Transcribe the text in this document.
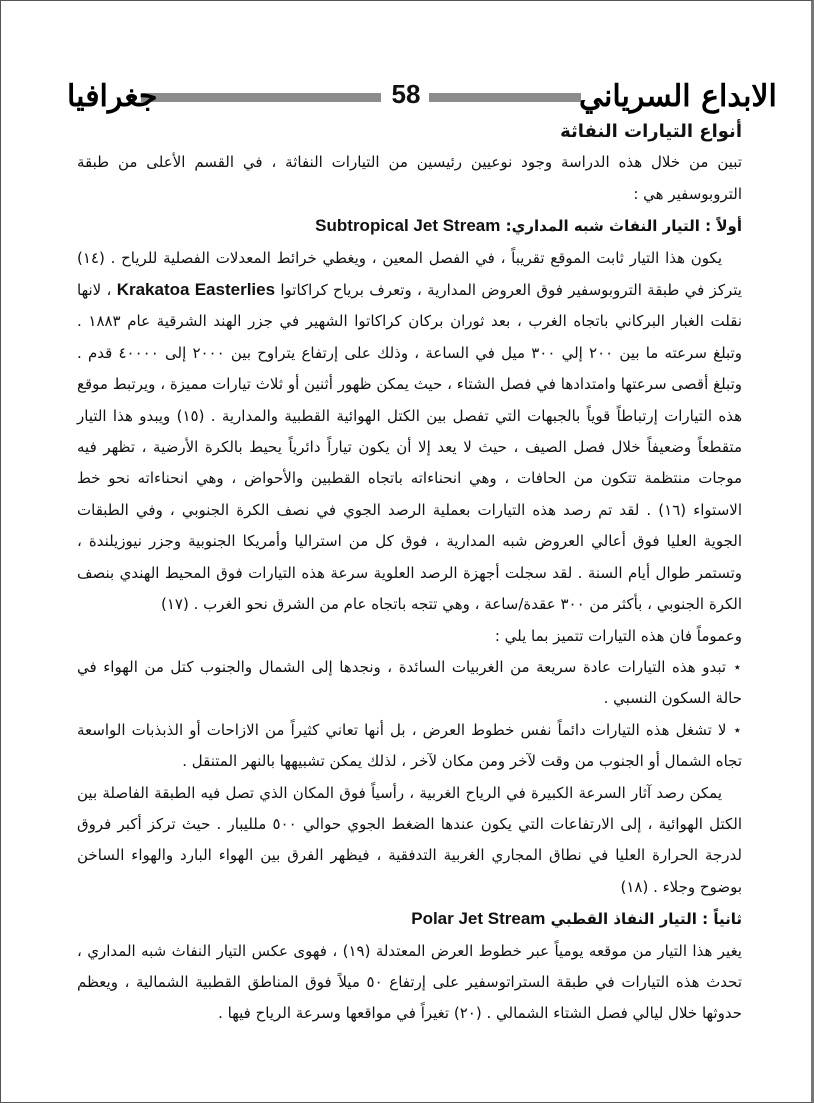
جغرافيا	58	الابداع السرياني

أنواع التيارات النفاثة

تبين من خلال هذه الدراسة وجود نوعيين رئيسين من التيارات النفاثة ، في القسم الأعلى من طبقة التروبوسفير هي :

أولاً : التيار النفاث شبه المداري: Subtropical Jet Stream

يكون هذا التيار ثابت الموقع تقريباً ، في الفصل المعين ، ويغطي خرائط المعدلات الفصلية للرياح . (١٤) يتركز في طبقة التروبوسفير فوق العروض المدارية ، وتعرف برياح كراكاتوا Krakatoa Easterlies ، لانها نقلت الغبار البركاني باتجاه الغرب ، بعد ثوران بركان كراكاتوا الشهير في جزر الهند الشرقية عام ١٨٨٣ . وتبلغ سرعته ما بين ٢٠٠ إلي ٣٠٠ ميل في الساعة ، وذلك على إرتفاع يتراوح بين ٢٠٠٠ إلى ٤٠٠٠٠ قدم . وتبلغ أقصى سرعتها وامتدادها في فصل الشتاء ، حيث يمكن ظهور أثنين أو ثلاث تيارات مميزة ، ويرتبط موقع هذه التيارات إرتباطاً قوياً بالجبهات التي تفصل بين الكتل الهوائية القطبية والمدارية . (١٥) ويبدو هذا التيار متقطعاً وضعيفاً خلال فصل الصيف ، حيث لا يعد إلا أن يكون تياراً دائرياً يحيط بالكرة الأرضية ، تظهر فيه موجات منتظمة تتكون من الحافات ، وهي انحناءاته باتجاه القطبين والأحواض ، وهي انحناءاته نحو خط الاستواء (١٦) . لقد تم رصد هذه التيارات بعملية الرصد الجوي في نصف الكرة الجنوبي ، وفي الطبقات الجوية العليا فوق أعالي العروض شبه المدارية ، فوق كل من استراليا وأمريكا الجنوبية وجزر نيوزيلندة ، وتستمر طوال أيام السنة . لقد سجلت أجهزة الرصد العلوية سرعة هذه التيارات فوق المحيط الهندي بنصف الكرة الجنوبي ، بأكثر من ٣٠٠ عقدة/ساعة ، وهي تتجه باتجاه عام من الشرق نحو الغرب . (١٧)

وعموماً فان هذه التيارات تتميز بما يلي :

⋆ تبدو هذه التيارات عادة سريعة من الغربيات السائدة ، ونجدها إلى الشمال والجنوب كتل من الهواء في حالة السكون النسبي .

⋆ لا تشغل هذه التيارات دائماً نفس خطوط العرض ، بل أنها تعاني كثيراً من الازاحات أو الذبذبات الواسعة تجاه الشمال أو الجنوب من وقت لآخر ومن مكان لآخر ، لذلك يمكن تشبيهها بالنهر المتنقل .

يمكن رصد آثار السرعة الكبيرة في الرياح الغربية ، رأسياً فوق المكان الذي تصل فيه الطبقة الفاصلة بين الكتل الهوائية ، إلى الارتفاعات التي يكون عندها الضغط الجوي حوالي ٥٠٠ ملليبار . حيث تركز أكبر فروق لدرجة الحرارة العليا في نطاق المجاري الغربية التدفقية ، فيظهر الفرق بين الهواء البارد والهواء الساخن بوضوح وجلاء . (١٨)

ثانياً : التيار النفاذ القطبي Polar Jet Stream

يغير هذا التيار من موقعه يومياً عبر خطوط العرض المعتدلة (١٩) ، فهوى عكس التيار النفاث شبه المداري ، تحدث هذه التيارات في طبقة الستراتوسفير على إرتفاع ٥٠ ميلاً فوق المناطق القطبية الشمالية ، ويعظم حدوثها خلال ليالي فصل الشتاء الشمالي . (٢٠) تغيراً في مواقعها وسرعة الرياح فيها .
